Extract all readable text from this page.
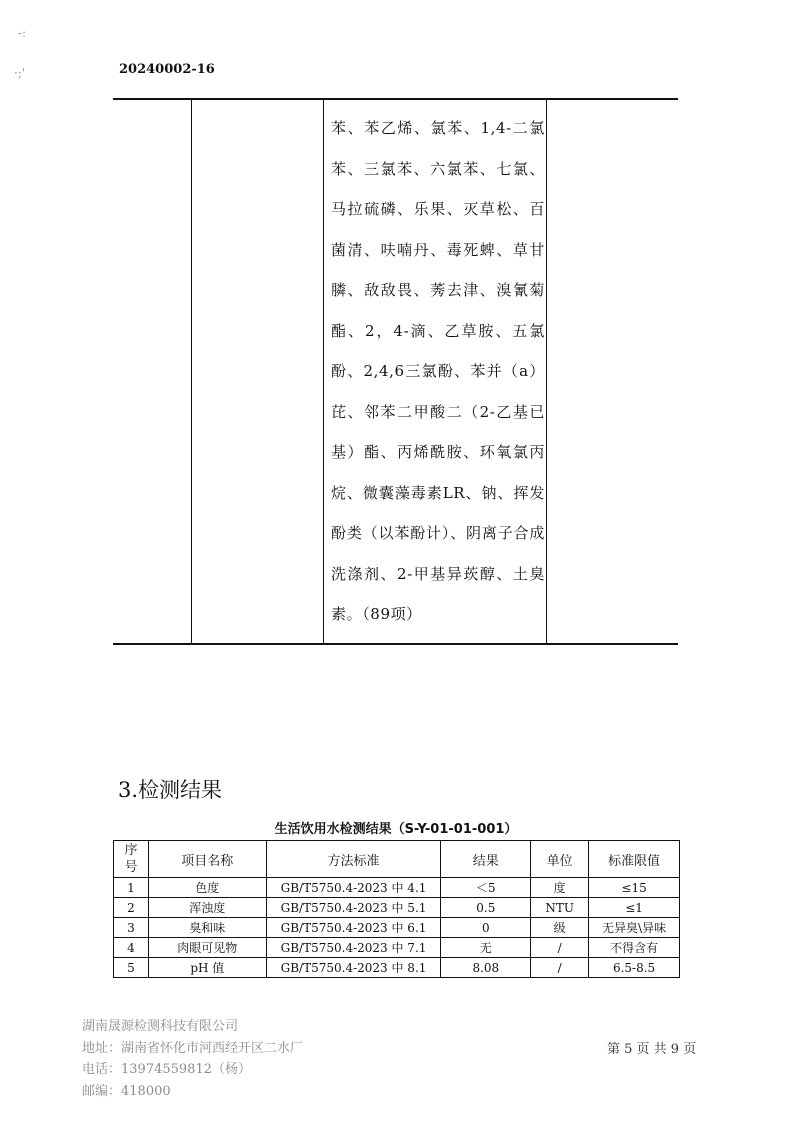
-:
·;'	20240002-16
苯、苯乙烯、氯苯、1,4-二氯苯、三氯苯、六氯苯、七氯、马拉硫磷、乐果、灭草松、百菌清、呋喃丹、毒死蜱、草甘膦、敌敌畏、莠去津、溴氰菊酯、2，4-滴、乙草胺、五氯酚、2,4,6三氯酚、苯并（a）芘、邻苯二甲酸二（2-乙基已基）酯、丙烯酰胺、环氧氯丙烷、微囊藻毒素LR、钠、挥发酚类（以苯酚计）、阴离子合成洗涤剂、2-甲基异莰醇、土臭素。（89项）
3.检测结果
生活饮用水检测结果（S-Y-01-01-001）
序号	项目名称	方法标准	结果	单位	标准限值
1	色度	GB/T5750.4-2023 中 4.1	＜5	度	≤15
2	浑浊度	GB/T5750.4-2023 中 5.1	0.5	NTU	≤1
3	臭和味	GB/T5750.4-2023 中 6.1	0	级	无异臭\异味
4	肉眼可见物	GB/T5750.4-2023 中 7.1	无	/	不得含有
5	pH 值	GB/T5750.4-2023 中 8.1	8.08	/	6.5-8.5
湖南晟源检测科技有限公司
地址：湖南省怀化市河西经开区二水厂
电话：13974559812（杨）
邮编：418000
第 5 页 共 9 页
